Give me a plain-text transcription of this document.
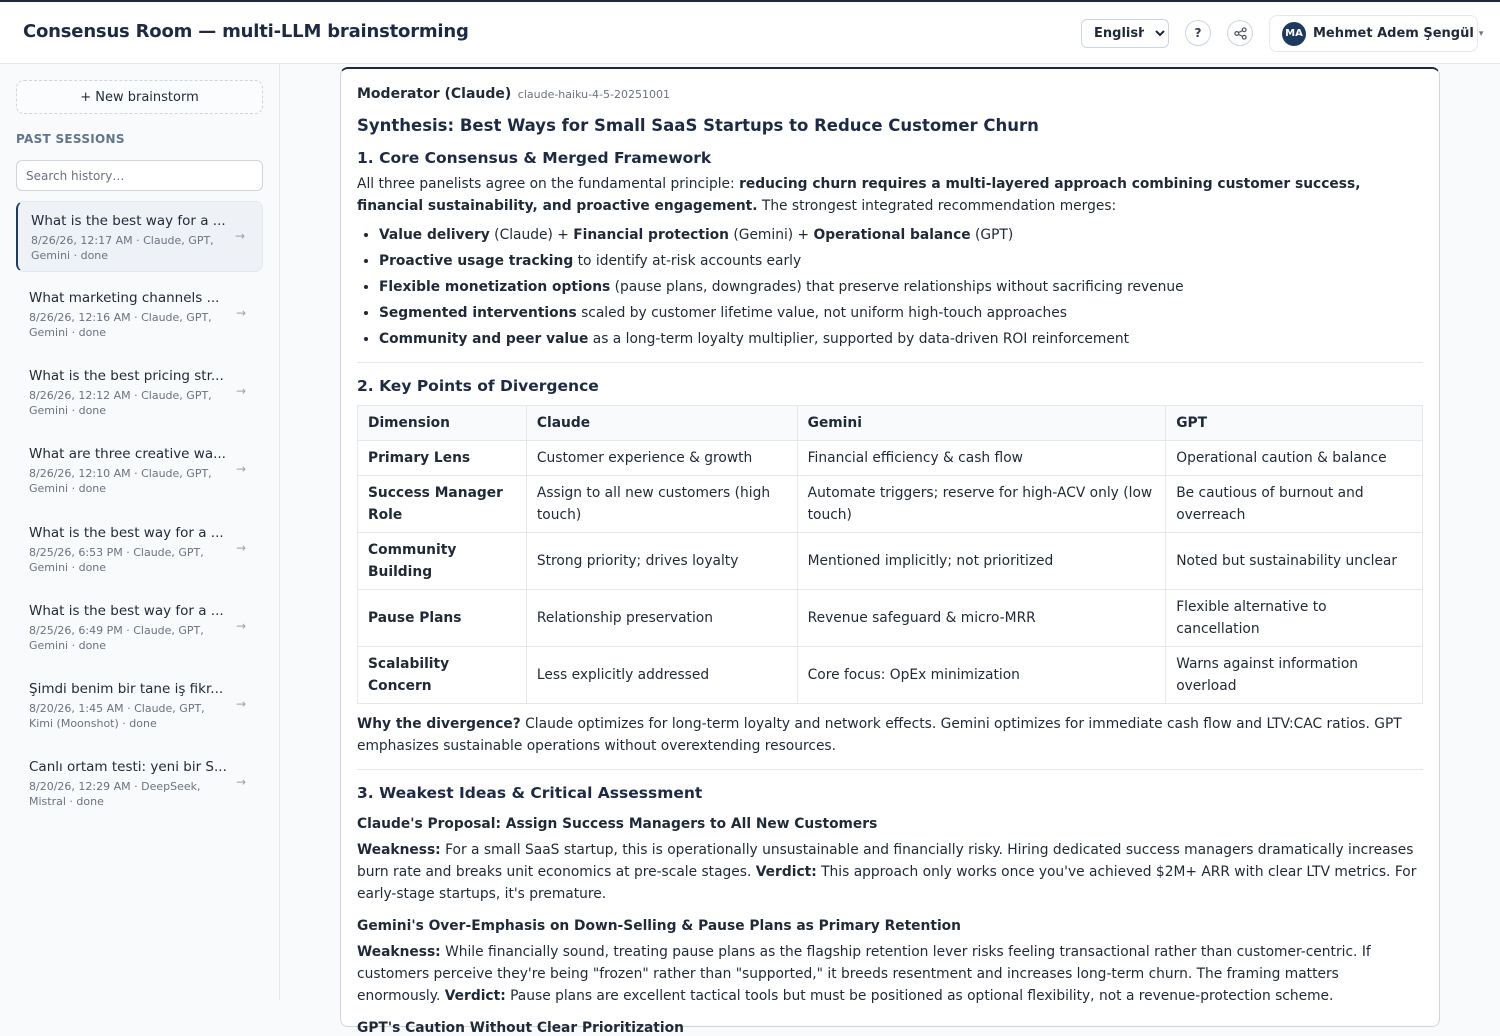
Consensus Room — multi-LLM brainstorming
English	?	MA Mehmet Adem Şengül ▾
+ New brainstorm
PAST SESSIONS
Search history…
What is the best way for a ...
8/26/26, 12:17 AM · Claude, GPT, Gemini · done
→
What marketing channels ...
8/26/26, 12:16 AM · Claude, GPT, Gemini · done
→
What is the best pricing str...
8/26/26, 12:12 AM · Claude, GPT, Gemini · done
→
What are three creative wa...
8/26/26, 12:10 AM · Claude, GPT, Gemini · done
→
What is the best way for a ...
8/25/26, 6:53 PM · Claude, GPT, Gemini · done
→
What is the best way for a ...
8/25/26, 6:49 PM · Claude, GPT, Gemini · done
→
Şimdi benim bir tane iş fikr...
8/20/26, 1:45 AM · Claude, GPT, Kimi (Moonshot) · done
→
Canlı ortam testi: yeni bir S...
8/20/26, 12:29 AM · DeepSeek, Mistral · done
→
Moderator (Claude) claude-haiku-4-5-20251001
Synthesis: Best Ways for Small SaaS Startups to Reduce Customer Churn
1. Core Consensus & Merged Framework

All three panelists agree on the fundamental principle: reducing churn requires a multi-layered approach combining customer success, financial sustainability, and proactive engagement. The strongest integrated recommendation merges:

• Value delivery (Claude) + Financial protection (Gemini) + Operational balance (GPT)
• Proactive usage tracking to identify at-risk accounts early
• Flexible monetization options (pause plans, downgrades) that preserve relationships without sacrificing revenue
• Segmented interventions scaled by customer lifetime value, not uniform high-touch approaches
• Community and peer value as a long-term loyalty multiplier, supported by data-driven ROI reinforcement
2. Key Points of Divergence
Dimension	Claude	Gemini	GPT
Primary Lens	Customer experience & growth	Financial efficiency & cash flow	Operational caution & balance
Success Manager Role	Assign to all new customers (high touch)	Automate triggers; reserve for high-ACV only (low touch)	Be cautious of burnout and overreach
Community Building	Strong priority; drives loyalty	Mentioned implicitly; not prioritized	Noted but sustainability unclear
Pause Plans	Relationship preservation	Revenue safeguard & micro-MRR	Flexible alternative to cancellation
Scalability Concern	Less explicitly addressed	Core focus: OpEx minimization	Warns against information overload

Why the divergence? Claude optimizes for long-term loyalty and network effects. Gemini optimizes for immediate cash flow and LTV:CAC ratios. GPT emphasizes sustainable operations without overextending resources.

3. Weakest Ideas & Critical Assessment
Claude's Proposal: Assign Success Managers to All New Customers

Weakness: For a small SaaS startup, this is operationally unsustainable and financially risky. Hiring dedicated success managers dramatically increases burn rate and breaks unit economics at pre-scale stages. Verdict: This approach only works once you've achieved $2M+ ARR with clear LTV metrics. For early-stage startups, it's premature.

Gemini's Over-Emphasis on Down-Selling & Pause Plans as Primary Retention

Weakness: While financially sound, treating pause plans as the flagship retention lever risks feeling transactional rather than customer-centric. If customers perceive they're being "frozen" rather than "supported," it breeds resentment and increases long-term churn. The framing matters enormously. Verdict: Pause plans are excellent tactical tools but must be positioned as optional flexibility, not a revenue-protection scheme.

GPT's Caution Without Clear Prioritization
